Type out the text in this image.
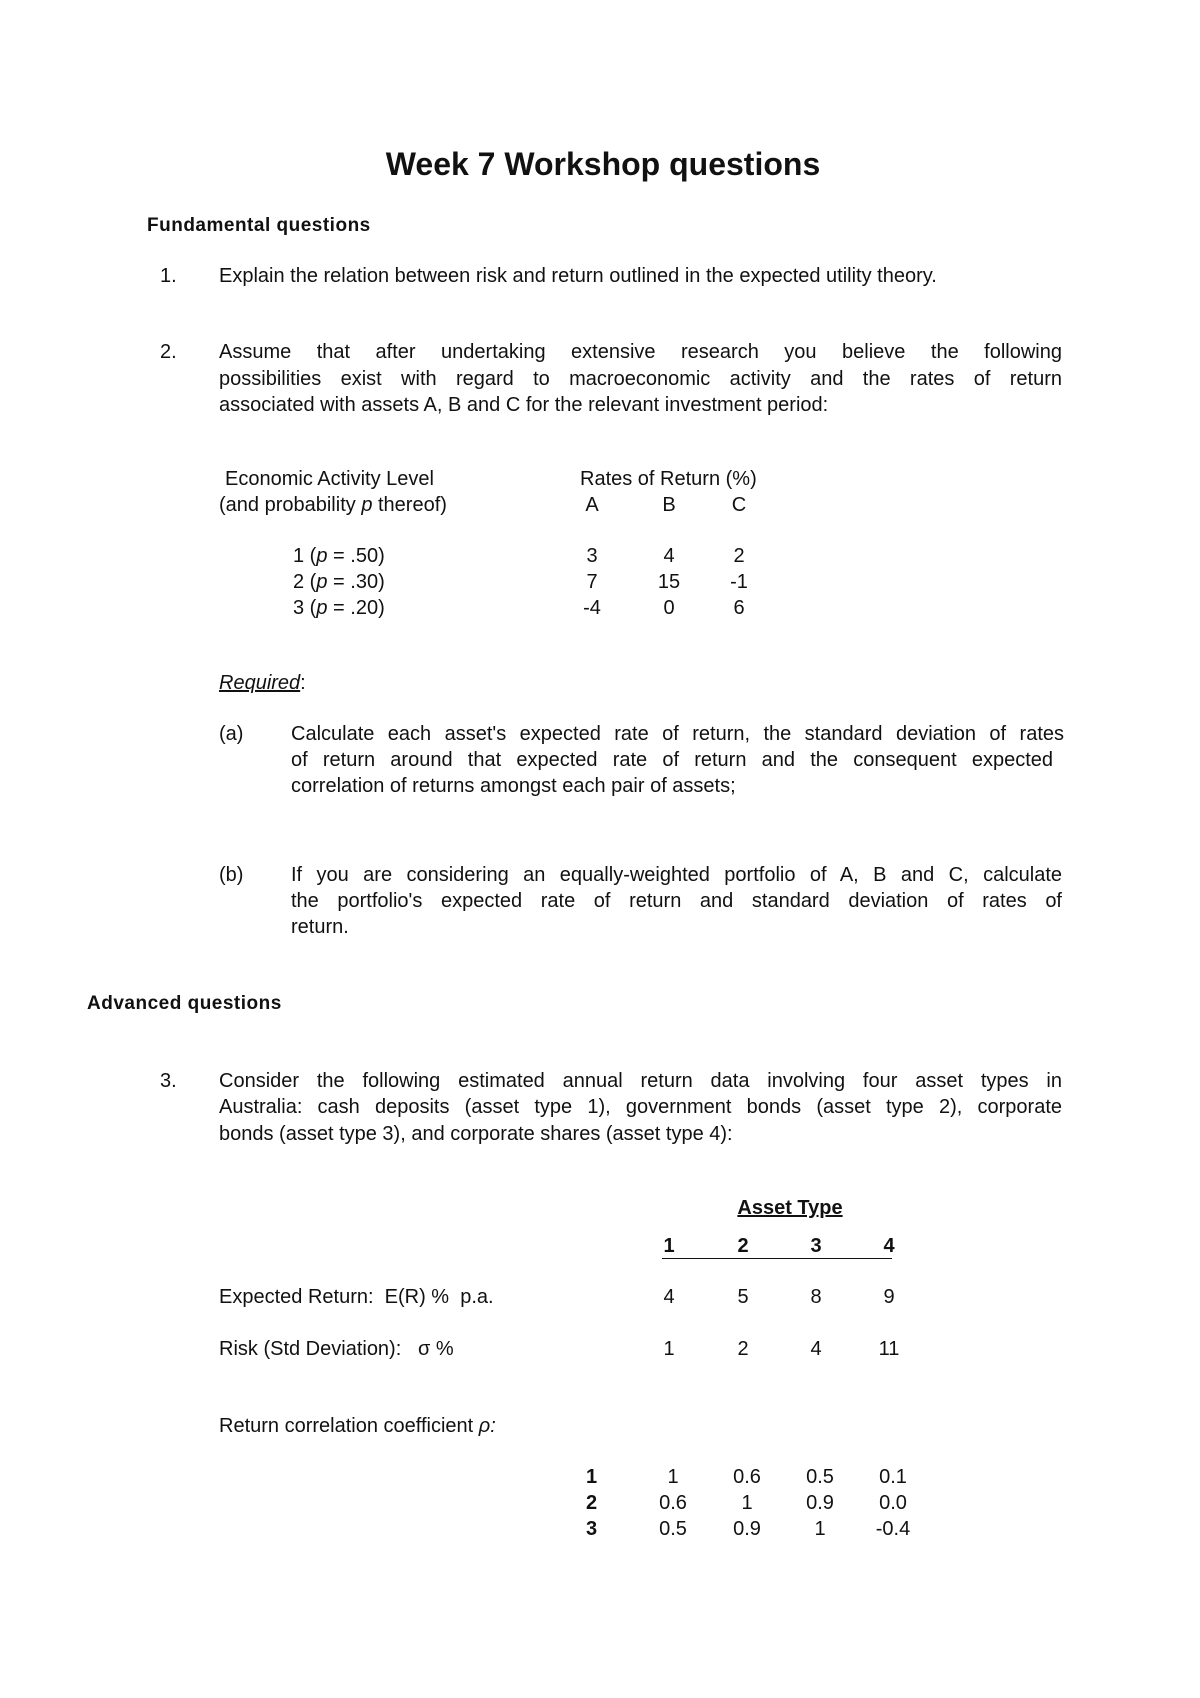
Week 7 Workshop questions
Fundamental questions
1. Explain the relation between risk and return outlined in the expected utility theory.
2. Assume that after undertaking extensive research you believe the following
possibilities exist with regard to macroeconomic activity and the rates of return
associated with assets A, B and C for the relevant investment period:
Economic Activity Level
(and probability p thereof)
Rates of Return (%)
A	B	C
1 (p = .50)	3	4	2
2 (p = .30)	7	15	-1
3 (p = .20)	-4	0	6
Required:
(a) Calculate each asset's expected rate of return, the standard deviation of rates
of return around that expected rate of return and the consequent expected
correlation of returns amongst each pair of assets;
(b) If you are considering an equally-weighted portfolio of A, B and C, calculate
the portfolio's expected rate of return and standard deviation of rates of
return.
Advanced questions
3. Consider the following estimated annual return data involving four asset types in
Australia: cash deposits (asset type 1), government bonds (asset type 2), corporate
bonds (asset type 3), and corporate shares (asset type 4):
Asset Type
1	2	3	4
Expected Return:  E(R) %  p.a.	4	5	8	9
Risk (Std Deviation):   σ %	1	2	4	11
Return correlation coefficient ρ:
1	1	0.6	0.5	0.1
2	0.6	1	0.9	0.0
3	0.5	0.9	1	-0.4
